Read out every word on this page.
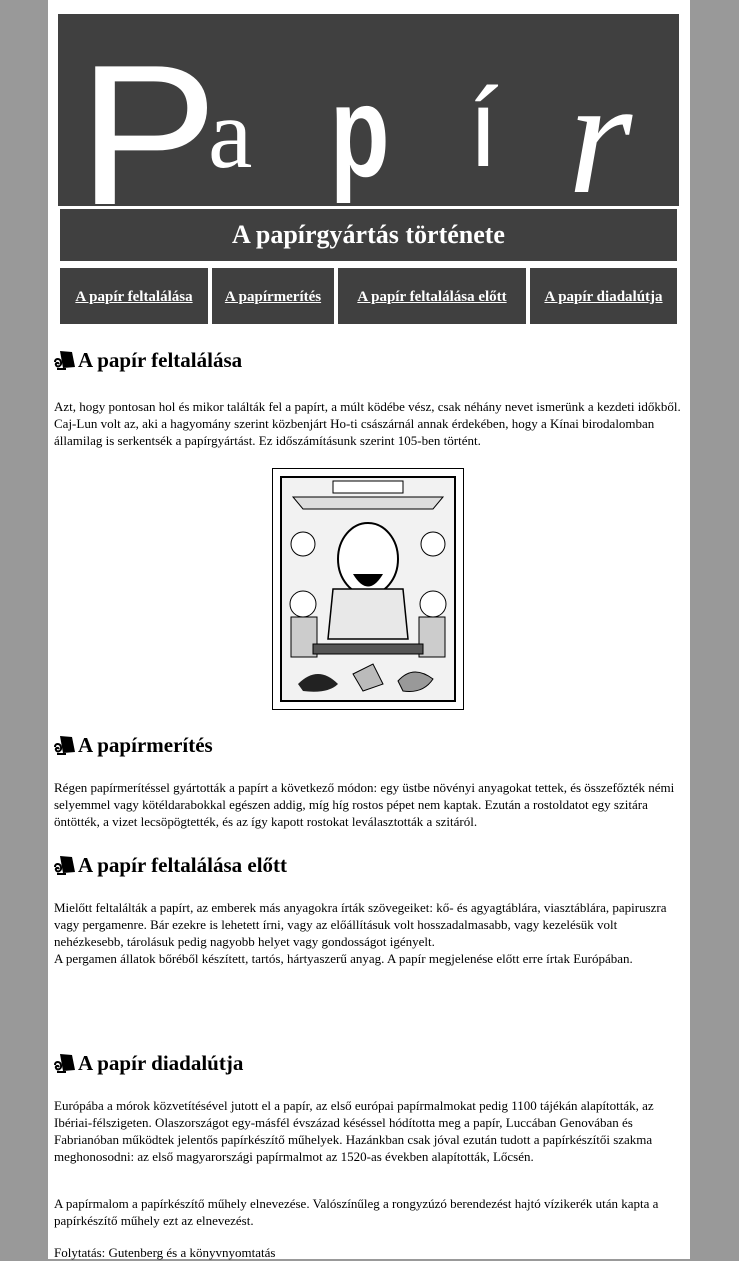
P
a p í r
A papírgyártás története
A papír feltalálása	A papírmerítés	A papír feltalálása előtt	A papír diadalútja
A papír feltalálása

Azt, hogy pontosan hol és mikor találták fel a papírt, a múlt ködébe vész, csak néhány nevet ismerünk a kezdeti időkből. Caj-Lun volt az, aki a hagyomány szerint közbenjárt Ho-ti császárnál annak érdekében, hogy a Kínai birodalomban államilag is serkentsék a papírgyártást. Ez időszámításunk szerint 105-ben történt.

A papírmerítés

Régen papírmerítéssel gyártották a papírt a következő módon: egy üstbe növényi anyagokat tettek, és összefőzték némi selyemmel vagy kötéldarabokkal egészen addig, míg híg rostos pépet nem kaptak. Ezután a rostoldatot egy szitára öntötték, a vizet lecsöpögtették, és az így kapott rostokat leválasztották a szitáról.

A papír feltalálása előtt

Mielőtt feltalálták a papírt, az emberek más anyagokra írták szövegeiket: kő- és agyagtáblára, viasztáblára, papiruszra vagy pergamenre. Bár ezekre is lehetett írni, vagy az előállításuk volt hosszadalmasabb, vagy kezelésük volt nehézkesebb, tárolásuk pedig nagyobb helyet vagy gondosságot igényelt.
A pergamen állatok bőréből készített, tartós, hártyaszerű anyag. A papír megjelenése előtt erre írtak Európában.

A papír diadalútja

Európába a mórok közvetítésével jutott el a papír, az első európai papírmalmokat pedig 1100 tájékán alapították, az Ibériai-félszigeten. Olaszországot egy-másfél évszázad késéssel hódította meg a papír, Luccában Genovában és Fabrianóban működtek jelentős papírkészítő műhelyek. Hazánkban csak jóval ezután tudott a papírkészítői szakma meghonosodni: az első magyarországi papírmalmot az 1520-as években alapították, Lőcsén.

A papírmalom a papírkészítő műhely elnevezése. Valószínűleg a rongyzúzó berendezést hajtó vízikerék után kapta a papírkészítő műhely ezt az elnevezést.

Folytatás: Gutenberg és a könyvnyomtatás
